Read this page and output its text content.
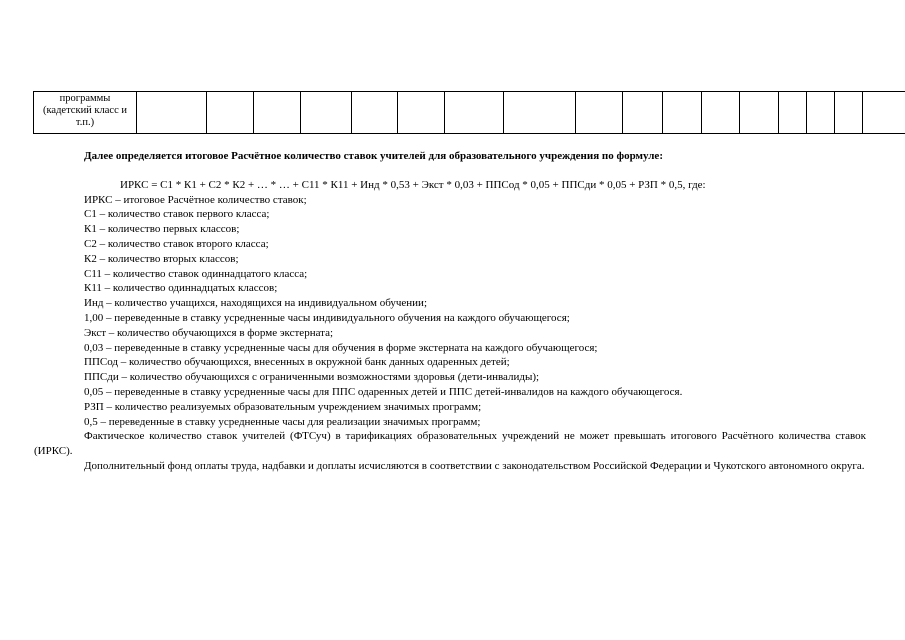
программы
(кадетский класс и
т.п.)

Далее определяется итоговое Расчётное количество ставок учителей для образовательного учреждения по формуле:
ИРКС = С1 * К1 + С2 * К2 + … * … + С11 * К11 + Инд * 0,53 + Экст * 0,03 + ППСод * 0,05 + ППСди * 0,05 + РЗП * 0,5, где:
ИРКС – итоговое Расчётное количество ставок;
С1 – количество ставок первого класса;
К1 – количество первых классов;
С2 – количество ставок второго класса;
К2 – количество вторых классов;
С11 – количество ставок одиннадцатого класса;
К11 – количество одиннадцатых классов;
Инд – количество учащихся, находящихся на индивидуальном обучении;
1,00 – переведенные в ставку усредненные часы индивидуального обучения на каждого обучающегося;
Экст – количество обучающихся в форме экстерната;
0,03 – переведенные в ставку усредненные часы для обучения в форме экстерната на каждого обучающегося;
ППСод – количество обучающихся, внесенных в окружной банк данных одаренных детей;
ППСди – количество обучающихся с ограниченными возможностями здоровья (дети-инвалиды);
0,05 – переведенные в ставку усредненные часы для ППС одаренных детей и ППС детей-инвалидов на каждого обучающегося.
РЗП – количество реализуемых образовательным учреждением значимых программ;
0,5 – переведенные в ставку усредненные часы для реализации значимых программ;
Фактическое количество ставок учителей (ФТСуч) в тарификациях образовательных учреждений не может превышать итогового Расчётного количества ставок (ИРКС).
Дополнительный фонд оплаты труда, надбавки и доплаты исчисляются в соответствии с законодательством Российской Федерации и Чукотского автономного округа.
